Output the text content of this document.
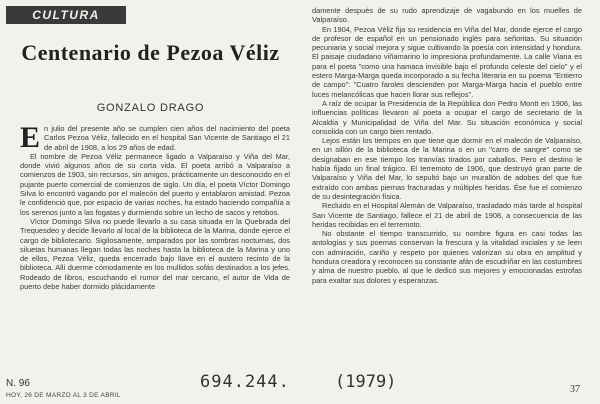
CULTURA
Centenario de Pezoa Véliz
GONZALO DRAGO

En julio del presente año se cumplen cien años del nacimiento del poeta Carlos Pezoa Véliz, fallecido en el hospital San Vicente de Santiago el 21 de abril de 1908, a los 29 años de edad.

El nombre de Pezoa Véliz permanece ligado a Valparaíso y Viña del Mar, donde vivió algunos años de su corta vida. El poeta arribó a Valparaíso a comienzos de 1903, sin recursos, sin amigos, prácticamente un desconocido en el pujante puerto comercial de comienzos de siglo. Un día, el poeta Víctor Domingo Silva lo encontró vagando por el malecón del puerto y entablaron amistad. Pezoa le confidenció que, por espacio de varias noches, ha estado haciendo compañía a los serenos junto a las fogatas y durmiendo sobre un lecho de sacos y retobos.

Víctor Domingo Silva no puede llevarlo a su casa situada en la Quebrada del Trequesdeo y decide llevarlo al local de la biblioteca de la Marina, donde ejerce el cargo de bibliotecario. Sigilosamente, amparados por las sombras nocturnas, dos siluetas humanas llegan todas las noches hasta la biblioteca de la Marina y uno de ellos, Pezoa Véliz, queda encerrado bajo llave en el austero recinto de la biblioteca. Allí duerme cómodamente en los mullidos sofás destinados a los jefes. Rodeado de libros, escuchando el rumor del mar cercano, el autor de Vida de puerto debe haber dormido plácidamente

damente después de su rudo aprendizaje de vagabundo en los muelles de Valparaíso.

En 1904, Pezoa Véliz fija su residencia en Viña del Mar, donde ejerce el cargo de profesor de español en un pensionado inglés para señoritas. Su situación pecuniaria y social mejora y sigue cultivando la poesía con intensidad y hondura. El paisaje ciudadano viñamarino lo impresiona profundamente. La calle Viana es para el poeta "como una hamaca invisible bajo el profundo celeste del cielo" y el estero Marga-Marga queda incorporado a su fecha literaria en su poema "Entierro de campo": "Cuatro faroles descienden por Marga-Marga hacia el pueblo entre luces melancólicas que hacen llorar sus reflejos".

A raíz de ocupar la Presidencia de la República don Pedro Montt en 1906, las influencias políticas llevaron al poeta a ocupar el cargo de secretario de la Alcaldía y Municipalidad de Viña del Mar. Su situación económica y social consolida con un cargo bien rentado.

Lejos están los tiempos en que tiene que dormir en el malecón de Valparaíso, en un sillón de la biblioteca de la Marina o en un "carro de sangre" como se designaban en ese tiempo los tranvías tirados por caballos. Pero el destino le había fijado un final trágico. El terremoto de 1906, que destruyó gran parte de Valparaíso y Viña del Mar, lo sepultó bajo un murallón de adobes del que fue extraído con ambas piernas fracturadas y múltiples heridas. Ése fue el comienzo de su desintegración física.

Recluido en el Hospital Alemán de Valparaíso, trasladado más tarde al hospital San Vicente de Santiago, fallece el 21 de abril de 1908, a consecuencia de las heridas recibidas en el terremoto.

No obstante el tiempo transcurrido, su nombre figura en casi todas las antologías y sus poemas conservan la frescura y la vitalidad iniciales y se leen con admiración, cariño y respeto por quienes valorizan su obra en amplitud y hondura creadora y reconocen su constante afán de escudriñar en las costumbres y alma de nuestro pueblo, al que le dedicó sus mejores y emocionadas estrofas para exaltar sus dolores y esperanzas.

N. 96
HOY, 26 DE MARZO AL 3 DE ABRIL
694.244.	(1979)	37
